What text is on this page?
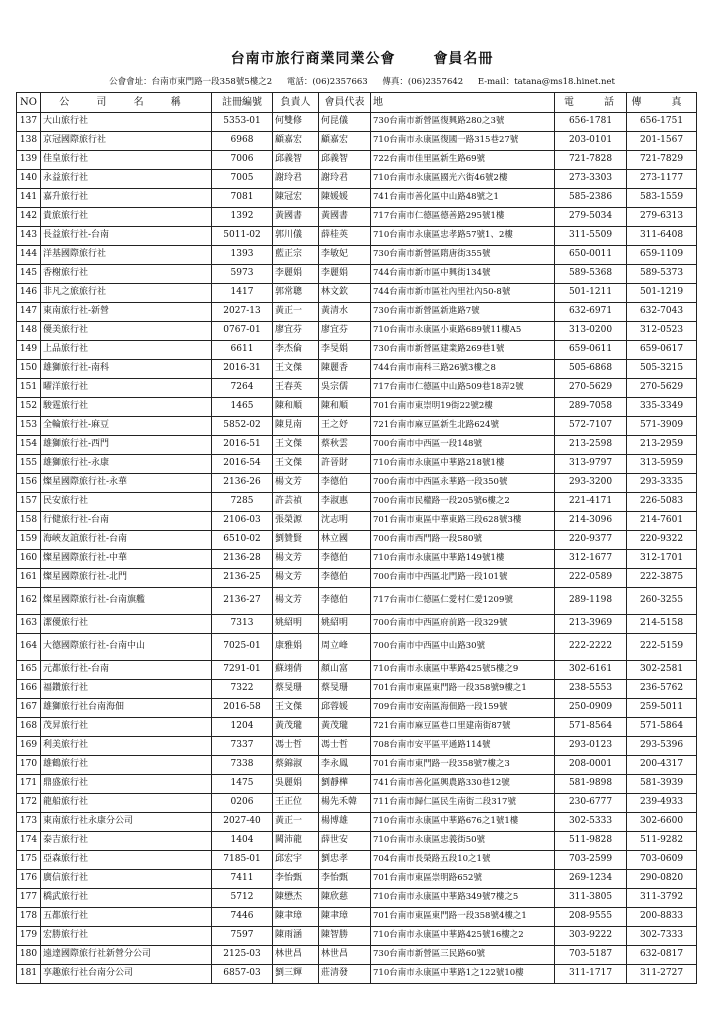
台南市旅行商業同業公會	會員名冊
公會會址：台南市東門路一段358號5樓之2 電話：(06)2357663 傳真：(06)2357642 E-mail：tatana@ms18.hinet.net
NO	公 司 名 稱	註冊編號	負責人	會員代表	地	電　話	傳　真
137	大山旅行社	5353-01	何雙修	何昆儀	730台南市新營區復興路280之3號	656-1781	656-1751
138	京冠國際旅行社	6968	顧嘉宏	顧嘉宏	710台南市永康區復國一路315巷27號	203-0101	201-1567
139	佳皇旅行社	7006	邱義智	邱義智	722台南市佳里區新生路69號	721-7828	721-7829
140	永益旅行社	7005	謝玲君	謝玲君	710台南市永康區國光六街46號2樓	273-3303	273-1177
141	嘉升旅行社	7081	陳冠宏	陳媛媛	741台南市善化區中山路48號之1	585-2386	583-1559
142	貴旅旅行社	1392	黃國書	黃國書	717台南市仁德區德善路295號1樓	279-5034	279-6313
143	長益旅行社-台南	5011-02	郭川儀	薛桂英	710台南市永康區忠孝路57號1、2樓	311-5509	311-6408
144	洋基國際旅行社	1393	藍正宗	李敏妃	730台南市新營區隋唐街355號	650-0011	659-1109
145	香榭旅行社	5973	李麗娟	李麗娟	744台南市新市區中興街134號	589-5368	589-5373
146	非凡之旅旅行社	1417	郭常聰	林文欽	744台南市新市區社內里社內50-8號	501-1211	501-1219
147	東南旅行社-新營	2027-13	黃正一	黃清水	730台南市新營區新進路7號	632-6971	632-7043
148	優美旅行社	0767-01	廖宜芬	廖宜芬	710台南市永康區小東路689號11樓A5	313-0200	312-0523
149	上品旅行社	6611	李杰倫	李旻娟	730台南市新營區建業路269巷1號	659-0611	659-0617
150	雄獅旅行社-南科	2016-31	王文傑	陳麗香	744台南市南科三路26號3樓之8	505-6868	505-3215
151	曜洋旅行社	7264	王春英	吳宗儒	717台南市仁德區中山路509巷18弄2號	270-5629	270-5629
152	駿霆旅行社	1465	陳和順	陳和順	701台南市東崇明19街22號2樓	289-7058	335-3349
153	全輪旅行社-麻豆	5852-02	陳見南	王之妤	721台南市麻豆區新生北路624號	572-7107	571-3909
154	雄獅旅行社-西門	2016-51	王文傑	蔡秋雲	700台南市中西區一段148號	213-2598	213-2959
155	雄獅旅行社-永康	2016-54	王文傑	許晉財	710台南市永康區中華路218號1樓	313-9797	313-5959
156	燦星國際旅行社-永華	2136-26	楊文芳	李德伯	700台南市中西區永華路一段350號	293-3200	293-3335
157	民安旅行社	7285	許芸禎	李淑惠	700台南市民權路一段205號6樓之2	221-4171	226-5083
158	行健旅行社-台南	2106-03	張榮源	沈志明	701台南市東區中華東路三段628號3樓	214-3096	214-7601
159	海峽友誼旅行社-台南	6510-02	劉贊賢	林立國	700台南市西門路一段580號	220-9377	220-9322
160	燦星國際旅行社-中華	2136-28	楊文芳	李德伯	710台南市永康區中華路149號1樓	312-1677	312-1701
161	燦星國際旅行社-北門	2136-25	楊文芳	李德伯	700台南市中西區北門路一段101號	222-0589	222-3875
162	燦星國際旅行社-台南旗艦	2136-27	楊文芳	李德伯	717台南市仁德區仁愛村仁愛1209號	289-1198	260-3255
163	潔優旅行社	7313	姚紹明	姚紹明	700台南市中西區府前路一段329號	213-3969	214-5158
164	大德國際旅行社-台南中山	7025-01	康雅娟	周立峰	700台南市中西區中山路30號	222-2222	222-5159
165	元都旅行社-台南	7291-01	蘇翊倩	顏山富	710台南市永康區中華路425號5樓之9	302-6161	302-2581
166	福鑽旅行社	7322	蔡旻珊	蔡旻珊	701台南市東區東門路一段358號9樓之1	238-5553	236-5762
167	雄獅旅行社台南海佃	2016-58	王文傑	邱蓉媛	709台南市安南區海佃路一段159號	250-0909	259-5011
168	茂昇旅行社	1204	黃茂瓏	黃茂瓏	721台南市麻豆區巷口里建南街87號	571-8564	571-5864
169	利美旅行社	7337	馮士哲	馮士哲	708台南市安平區平通路114號	293-0123	293-5396
170	雄鶴旅行社	7338	蔡錦淑	李永鳳	701台南市東門路一段358號7樓之3	208-0001	200-4317
171	鼎盛旅行社	1475	吳麗娟	劉靜樺	741台南市善化區興農路330巷12號	581-9898	581-3939
172	龍船旅行社	0206	王正位	楊先禾韓	711台南市歸仁區民生南街二段317號	230-6777	239-4933
173	東南旅行社永康分公司	2027-40	黃正一	楊博雄	710台南市永康區中華路676之1號1樓	302-5333	302-6600
174	泰吉旅行社	1404	闕沛龍	薛世安	710台南市永康區忠義街50號	511-9828	511-9282
175	亞森旅行社	7185-01	邱宏宇	劉忠孝	704台南市長榮路五段10之1號	703-2599	703-0609
176	廣信旅行社	7411	李怡甄	李怡甄	701台南市東區崇明路652號	269-1234	290-0820
177	橋武旅行社	5712	陳懋杰	陳欣慈	710台南市永康區中華路349號7樓之5	311-3805	311-3792
178	五都旅行社	7446	陳聿璋	陳聿璋	701台南市東區東門路一段358號4樓之1	208-9555	200-8833
179	宏勝旅行社	7597	陳雨涵	陳智勝	710台南市永康區中華路425號16樓之2	303-9222	302-7333
180	遠達國際旅行社新營分公司	2125-03	林世昌	林世昌	730台南市新營區三民路60號	703-5187	632-0817
181	享趣旅行社台南分公司	6857-03	劉三輝	莊清發	710台南市永康區中華路1之122號10樓	311-1717	311-2727
